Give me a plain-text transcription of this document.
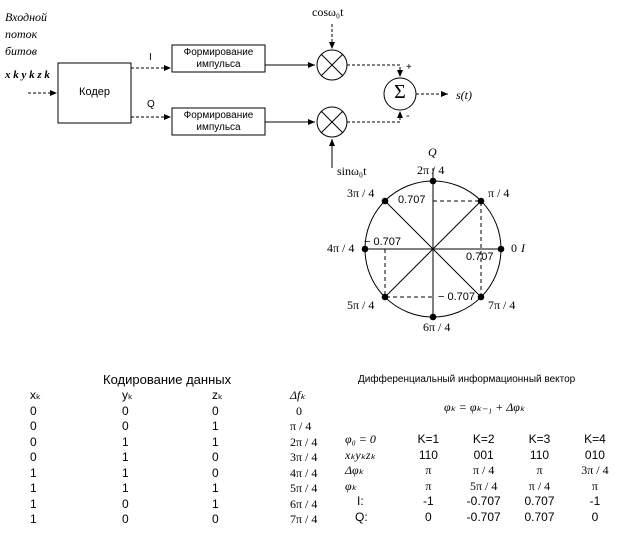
Входной
поток
битов
x k y k z k
Кодер
I
Q
Формирование
импульса
Формирование
импульса
cosω₀t
sinω₀t
Σ
+
-
s(t)
Q
I
0
π / 4
2π / 4
3π / 4
4π / 4
5π / 4
6π / 4
7π / 4
0.707
0.707
− 0.707
− 0.707
Кодирование данных
xₖ	yₖ	zₖ	Δfₖ
0	0	0	0
0	0	1	π / 4
0	1	1	2π / 4
0	1	0	3π / 4
1	1	0	4π / 4
1	1	1	5π / 4
1	0	1	6π / 4
1	0	0	7π / 4
Дифференциальный информационный вектор
φₖ = φₖ₋₁ + Δφₖ
φ₀ = 0	K=1	K=2	K=3	K=4
xₖyₖzₖ	110	001	110	010
Δφₖ	π	π / 4	π	3π / 4
φₖ	π	5π / 4	π / 4	π
I:	-1	-0.707	0.707	-1
Q:	0	-0.707	0.707	0
